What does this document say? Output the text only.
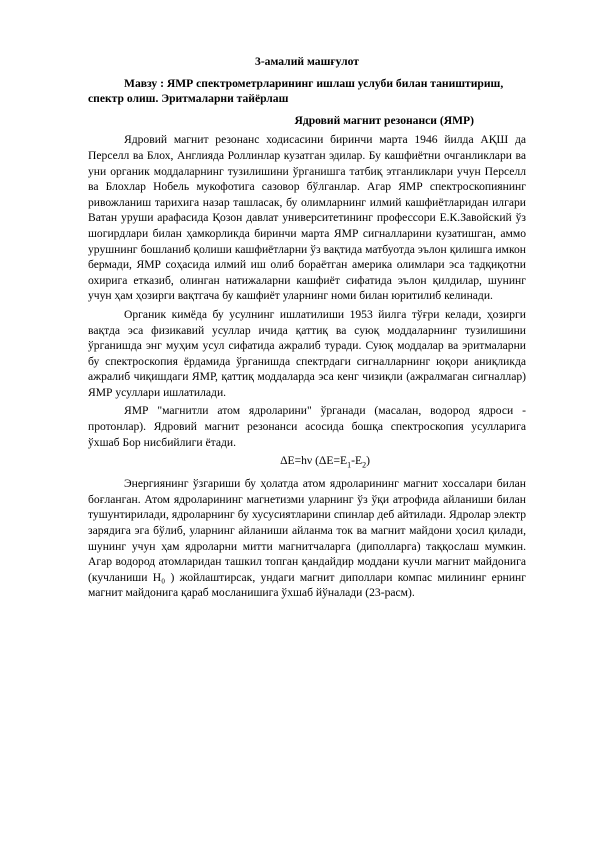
3-амалий машғулот
Мавзу : ЯМР спектрометрларининг ишлаш услуби билан таништириш, спектр олиш. Эритмаларни тайёрлаш
Ядровий магнит резонанси (ЯМР)

Ядровий магнит резонанс ходисасини биринчи марта 1946 йилда АҚШ да Перселл ва Блох, Англияда Роллинлар кузатган эдилар. Бу кашфиётни очганликлари ва уни органик моддаларнинг тузилишини ўрганишга татбиқ этганликлари учун Перселл ва Блохлар Нобель мукофотига сазовор бўлганлар. Агар ЯМР спектроскопиянинг ривожланиш тарихига назар ташласак, бу олимларнинг илмий кашфиётларидан илгари Ватан уруши арафасида Қозон давлат университетининг профессори Е.К.Завойский ўз шогирдлари билан ҳамкорликда биринчи марта ЯМР сигналларини кузатишган, аммо урушнинг бошланиб қолиши кашфиётларни ўз вақтида матбуотда эълон қилишга имкон бермади, ЯМР соҳасида илмий иш олиб бораётган америка олимлари эса тадқиқотни охирига етказиб, олинган натижаларни кашфиёт сифатида эълон қилдилар, шунинг учун ҳам ҳозирги вақтгача бу кашфиёт уларнинг номи билан юритилиб келинади.

Органик кимёда бу усулнинг ишлатилиши 1953 йилга тўғри келади, ҳозирги вақтда эса физикавий усуллар ичида қаттиқ ва суюқ моддаларнинг тузилишини ўрганишда энг муҳим усул сифатида ажралиб туради. Суюқ моддалар ва эритмаларни бу спектроскопия ёрдамида ўрганишда спектрдаги сигналларнинг юқори аниқликда ажралиб чиқишдаги ЯМР, қаттиқ моддаларда эса кенг чизиқли (ажралмаган сигналлар) ЯМР усуллари ишлатилади.

ЯМР "магнитли атом ядроларини" ўрганади (масалан, водород ядроси - протонлар). Ядровий магнит резонанси асосида бошқа спектроскопия усулларига ўхшаб Бор нисбийлиги ётади.

ΔE=hν $(\Delta E=E_1-E_2)$

Энергиянинг ўзгариши бу ҳолатда атом ядроларининг магнит хоссалари билан боғланган. Атом ядроларининг магнетизми уларнинг ўз ўқи атрофида айланиши билан тушунтирилади, ядроларнинг бу хусусиятларини спинлар деб айтилади. Ядролар электр зарядига эга бўлиб, уларнинг айланиши айланма ток ва магнит майдони ҳосил қилади, шунинг учун ҳам ядроларни митти магнитчаларга (диполларга) таққослаш мумкин. Агар водород атомларидан ташкил топган қандайдир моддани кучли магнит майдонига (кучланиши H₀ ) жойлаштирсак, ундаги магнит диполлари компас милининг ернинг магнит майдонига қараб мосланишига ўхшаб йўналади (23-расм).
